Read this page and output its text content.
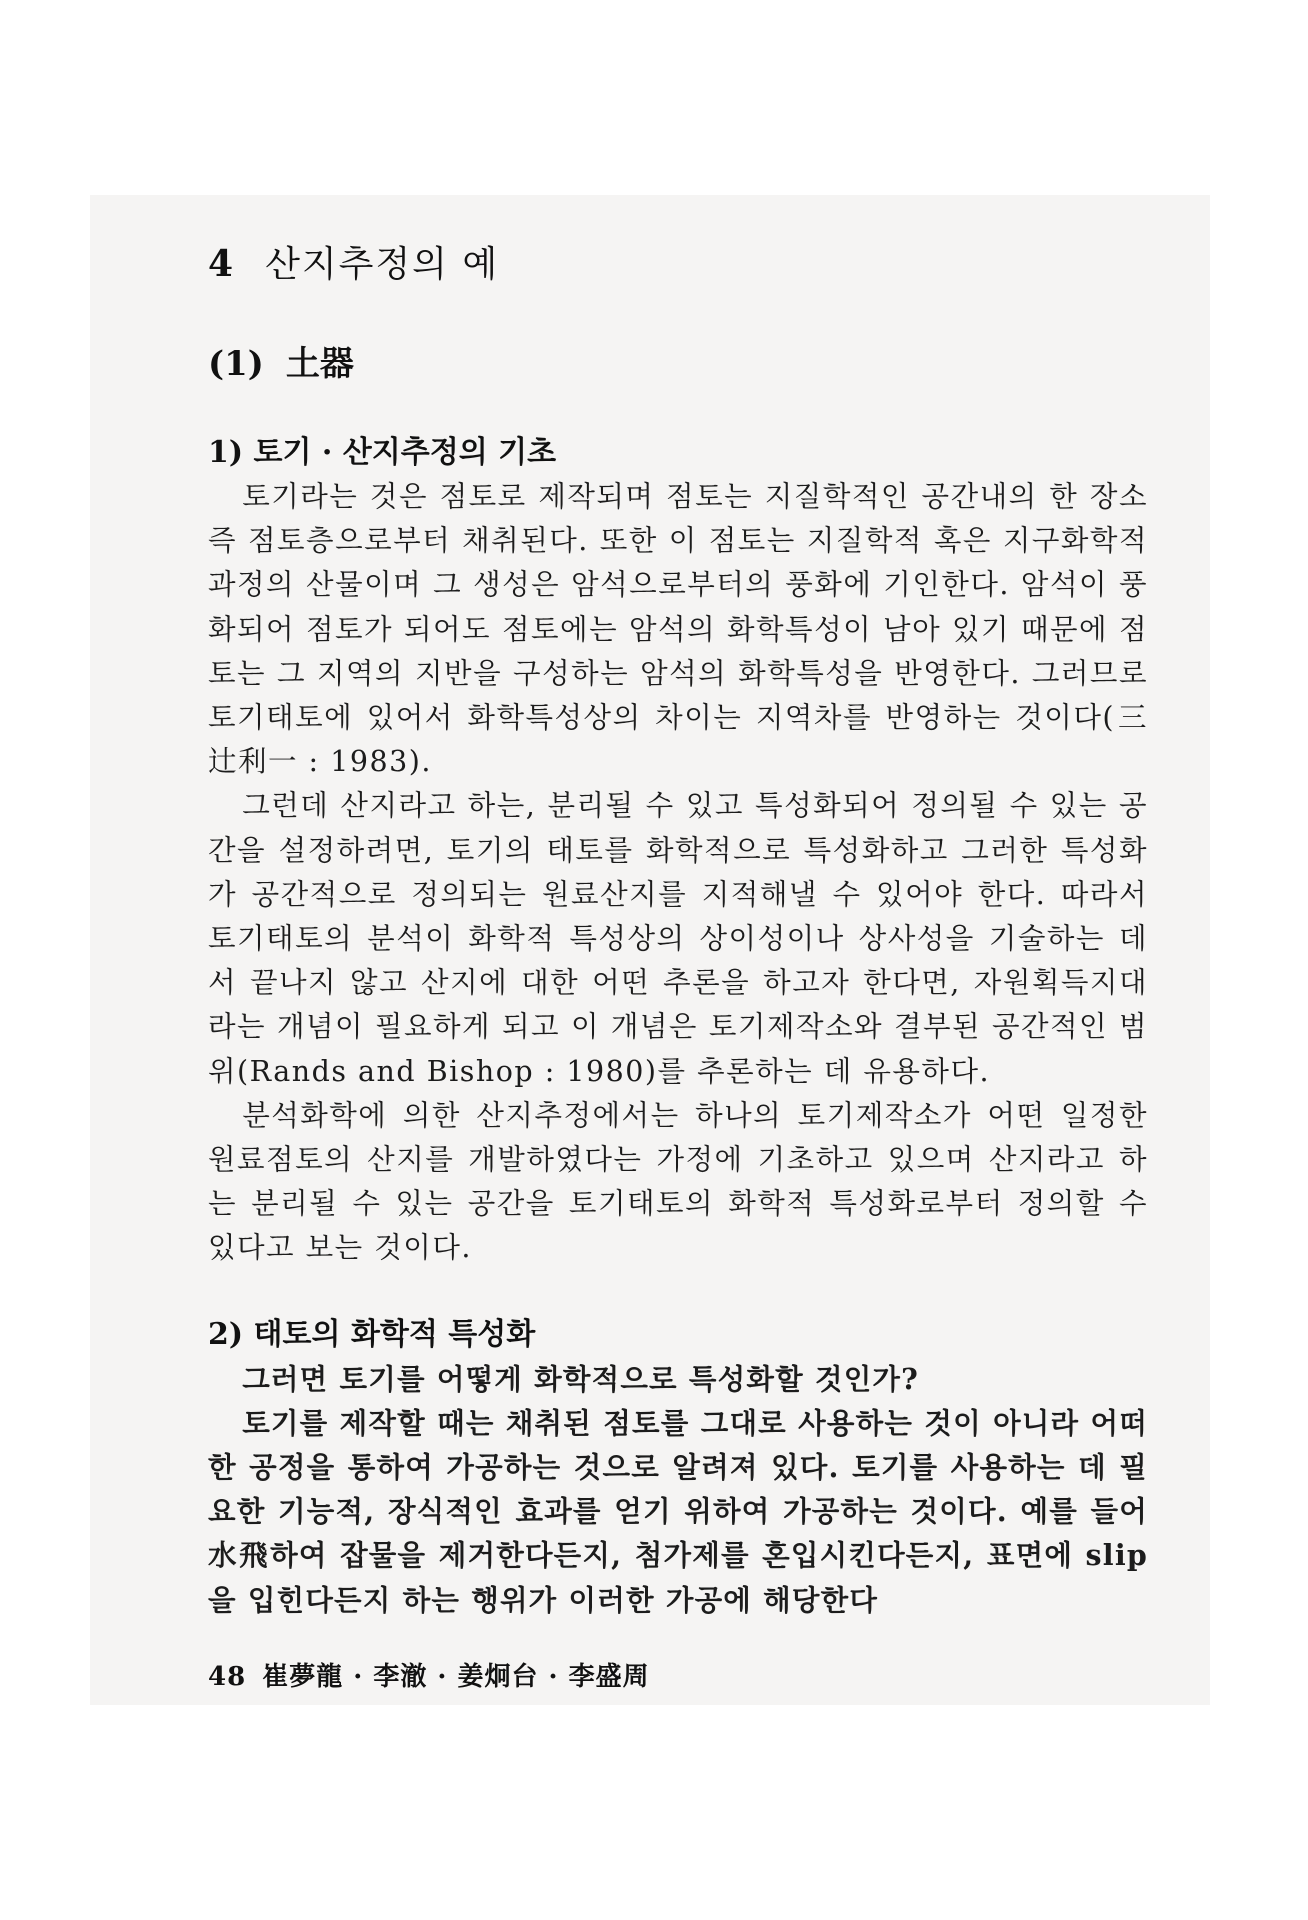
4 산지추정의 예
(1) 土器
1) 토기 · 산지추정의 기초

토기라는 것은 점토로 제작되며 점토는 지질학적인 공간내의 한 장소 즉 점토층으로부터 채취된다. 또한 이 점토는 지질학적 혹은 지구화학적 과정의 산물이며 그 생성은 암석으로부터의 풍화에 기인한다. 암석이 풍화되어 점토가 되어도 점토에는 암석의 화학특성이 남아 있기 때문에 점토는 그 지역의 지반을 구성하는 암석의 화학특성을 반영한다. 그러므로 토기태토에 있어서 화학특성상의 차이는 지역차를 반영하는 것이다(三辻利一 : 1983).

그런데 산지라고 하는, 분리될 수 있고 특성화되어 정의될 수 있는 공간을 설정하려면, 토기의 태토를 화학적으로 특성화하고 그러한 특성화가 공간적으로 정의되는 원료산지를 지적해낼 수 있어야 한다. 따라서 토기태토의 분석이 화학적 특성상의 상이성이나 상사성을 기술하는 데서 끝나지 않고 산지에 대한 어떤 추론을 하고자 한다면, 자원획득지대라는 개념이 필요하게 되고 이 개념은 토기제작소와 결부된 공간적인 범위(Rands and Bishop : 1980)를 추론하는 데 유용하다.

분석화학에 의한 산지추정에서는 하나의 토기제작소가 어떤 일정한 원료점토의 산지를 개발하였다는 가정에 기초하고 있으며 산지라고 하는 분리될 수 있는 공간을 토기태토의 화학적 특성화로부터 정의할 수 있다고 보는 것이다.

2) 태토의 화학적 특성화

그러면 토기를 어떻게 화학적으로 특성화할 것인가?

토기를 제작할 때는 채취된 점토를 그대로 사용하는 것이 아니라 어떠한 공정을 통하여 가공하는 것으로 알려져 있다. 토기를 사용하는 데 필요한 기능적, 장식적인 효과를 얻기 위하여 가공하는 것이다. 예를 들어 水飛하여 잡물을 제거한다든지, 첨가제를 혼입시킨다든지, 표면에 slip을 입힌다든지 하는 행위가 이러한 가공에 해당한다

48 崔夢龍 · 李澈 · 姜炯台 · 李盛周
